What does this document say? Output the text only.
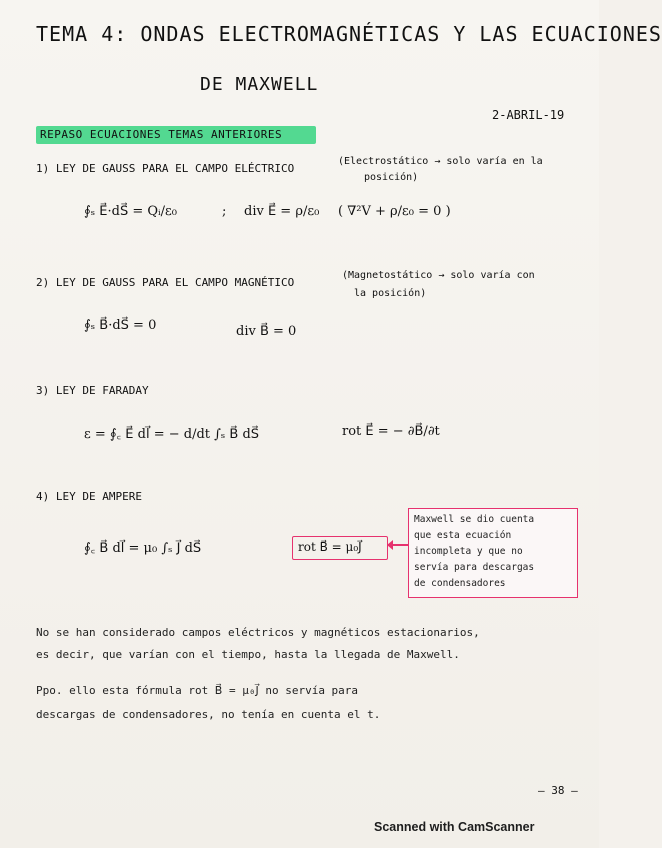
TEMA 4: ONDAS ELECTROMAGNÉTICAS Y LAS ECUACIONES
DE MAXWELL
2-ABRIL-19
REPASO ECUACIONES TEMAS ANTERIORES
1) LEY DE GAUSS PARA EL CAMPO ELÉCTRICO
(Electrostático → solo varía en la
posición)
∮ₛ E⃗·dS⃗ = Qᵢ/ε₀	; div E⃗ = ρ/ε₀ ( ∇²V + ρ/ε₀ = 0 )
2) LEY DE GAUSS PARA EL CAMPO MAGNÉTICO
(Magnetostático → solo varía con
la posición)
∮ₛ B⃗·dS⃗ = 0	div B⃗ = 0
3) LEY DE FARADAY
ε = ∮꜀ E⃗ dl⃗ = − d/dt ∫ₛ B⃗ dS⃗	rot E⃗ = − ∂B⃗/∂t
4) LEY DE AMPERE
∮꜀ B⃗ dl⃗ = μ₀ ∫ₛ J⃗ dS⃗	rot B⃗ = μ₀J⃗
Maxwell se dio cuenta
que esta ecuación
incompleta y que no
servía para descargas
de condensadores
No se han considerado campos eléctricos y magnéticos estacionarios,
es decir, que varían con el tiempo, hasta la llegada de Maxwell.
Ppo. ello esta fórmula rot B⃗ = μ₀J⃗ no servía para
descargas de condensadores, no tenía en cuenta el t.
– 38 –
Scanned with CamScanner
